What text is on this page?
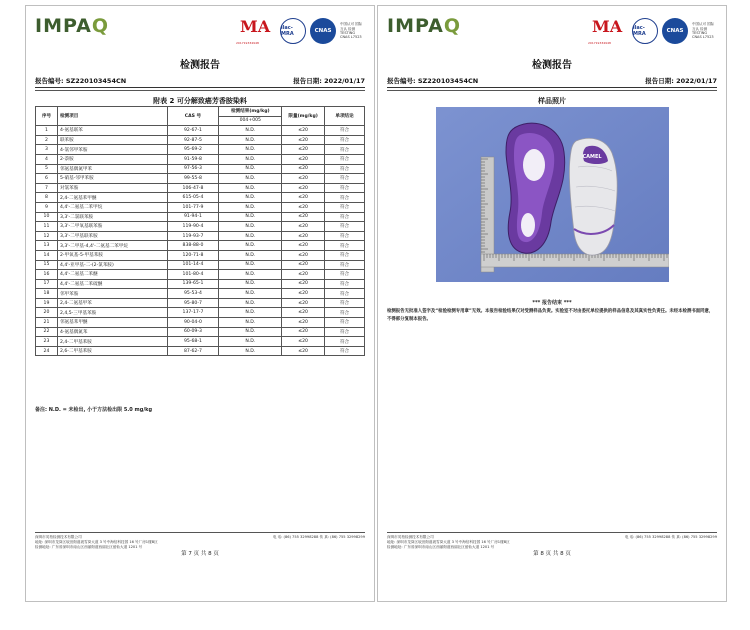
IMPAQ	MA
201719334948
ilac-MRA	CNAS
中国认可 国际互认 检测 TESTING CNAS L7523
检测报告
报告编号: SZ220103454CN	报告日期: 2022/01/17
附表 2 可分解致癌芳香胺染料
序号	检测项目	CAS 号	检测结果(mg/kg)	限量(mg/kg)	单项结论
			004+005		
1	4-氨基联苯	92-67-1	N.D.	≤20	符合
2	联苯胺	92-87-5	N.D.	≤20	符合
3	4-氯邻甲苯胺	95-69-2	N.D.	≤20	符合
4	2-萘胺	91-59-8	N.D.	≤20	符合
5	邻氨基偶氮甲苯	97-56-3	N.D.	≤20	符合
6	5-硝基-邻甲苯胺	99-55-8	N.D.	≤20	符合
7	对氯苯胺	106-47-8	N.D.	≤20	符合
8	2,4-二氨基苯甲醚	615-05-4	N.D.	≤20	符合
9	4,4'-二氨基二苯甲烷	101-77-9	N.D.	≤20	符合
10	3,3'-二氯联苯胺	91-94-1	N.D.	≤20	符合
11	3,3'-二甲氧基联苯胺	119-90-4	N.D.	≤20	符合
12	3,3'-二甲基联苯胺	119-93-7	N.D.	≤20	符合
13	3,3'-二甲基-4,4'-二氨基二苯甲烷	838-88-0	N.D.	≤20	符合
14	2-甲氧基-5-甲基苯胺	120-71-8	N.D.	≤20	符合
15	4,4'-亚甲基-二-(2-氯苯胺)	101-14-4	N.D.	≤20	符合
16	4,4'-二氨基二苯醚	101-80-4	N.D.	≤20	符合
17	4,4'-二氨基二苯硫醚	139-65-1	N.D.	≤20	符合
18	邻甲苯胺	95-53-4	N.D.	≤20	符合
19	2,4-二氨基甲苯	95-80-7	N.D.	≤20	符合
20	2,4,5-三甲基苯胺	137-17-7	N.D.	≤20	符合
21	邻氨基苯甲醚	90-04-0	N.D.	≤20	符合
22	4-氨基偶氮苯	60-09-3	N.D.	≤20	符合
23	2,4-二甲基苯胺	95-68-1	N.D.	≤20	符合
24	2,6-二甲基苯胺	87-62-7	N.D.	≤20	符合
备注: N.D. = 未检出, 小于方法检出限 5.0 mg/kg
深圳市英柏检测技术有限公司	电 话: (86) 755 32998288 传 真: (86) 755 32998299
地址: 深圳市龙岗区坂田街道坂雪岗大道 3 号中海信科技园 16 号厂房1楼B区
检测地址: 广东省深圳市南山区西丽街道西丽社区留仙大道 1201 号
第 7 页 共 8 页
IMPAQ	MA
201719334948
ilac-MRA	CNAS
中国认可 国际互认 检测 TESTING CNAS L7523
检测报告
报告编号: SZ220103454CN	报告日期: 2022/01/17
样品照片
CAMEL
*** 报告结束 ***
检测报告无批准人签字及“检验检测专用章”无效。本报告检验结果仅对受测样品负责。实验室不对由委托单位提供的样品信息及其真实性负责任。未经本检测书面同意，不得部分复制本报告。
深圳市英柏检测技术有限公司	电 话: (86) 755 32998288 传 真: (86) 755 32998299
地址: 深圳市龙岗区坂田街道坂雪岗大道 3 号中海信科技园 16 号厂房1楼B区
检测地址: 广东省深圳市南山区西丽街道西丽社区留仙大道 1201 号
第 8 页 共 8 页
